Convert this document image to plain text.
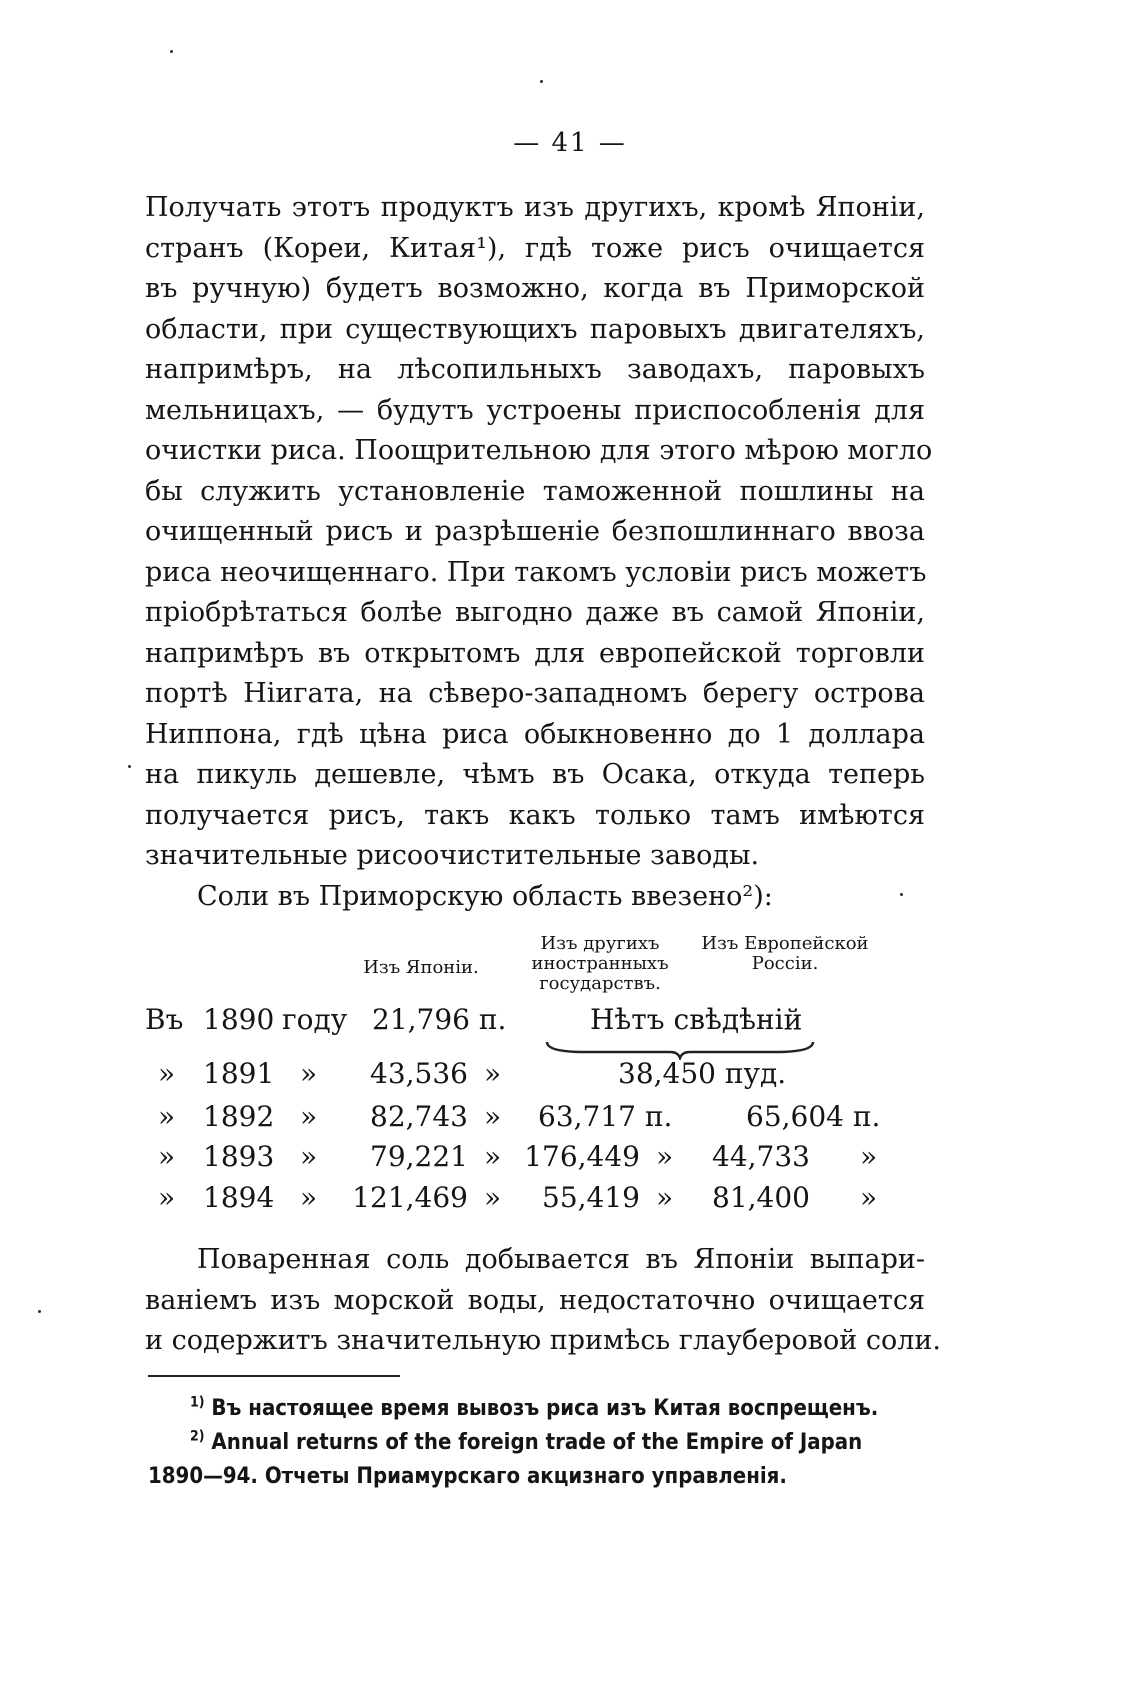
— 41 —
Получать этотъ продуктъ изъ другихъ, кромѣ Японіи,
странъ (Кореи, Китая¹), гдѣ тоже рисъ очищается
въ ручную) будетъ возможно, когда въ Приморской
области, при существующихъ паровыхъ двигателяхъ,
напримѣръ, на лѣсопильныхъ заводахъ, паровыхъ
мельницахъ, — будутъ устроены приспособленія для
очистки риса. Поощрительною для этого мѣрою могло
бы служить установленіе таможенной пошлины на
очищенный рисъ и разрѣшеніе безпошлиннаго ввоза
риса неочищеннаго. При такомъ условіи рисъ можетъ
пріобрѣтаться болѣе выгодно даже въ самой Японіи,
напримѣръ въ открытомъ для европейской торговли
портѣ Ніигата, на сѣверо-западномъ берегу острова
Ниппона, гдѣ цѣна риса обыкновенно до 1 доллара
на пикуль дешевле, чѣмъ въ Осака, откуда теперь
получается рисъ, такъ какъ только тамъ имѣются
значительные рисоочистительные заводы.
Соли въ Приморскую область ввезено²):
Изъ Японіи.
Изъ другихъ иностранныхъ государствъ.
Изъ Европейской Россіи.
Въ 1890 году 21,796 п.	Нѣтъ свѣдѣній
» 1891 »	43,536 »	38,450 пуд.
» 1892 »	82,743 » 63,717 п.	65,604 п.
» 1893 »	79,221 » 176,449 »	44,733 »
» 1894 »	121,469 »	55,419 »	81,400 »
Поваренная соль добывается въ Японіи выпари-
ваніемъ изъ морской воды, недостаточно очищается
и содержитъ значительную примѣсь глауберовой соли.
$^{1)}$ Въ настоящее время вывозъ риса изъ Китая воспрещенъ.
$^{2)}$ Annual returns of the foreign trade of the Empire of Japan
1890—94. Отчеты Приамурскаго акцизнаго управленія.
